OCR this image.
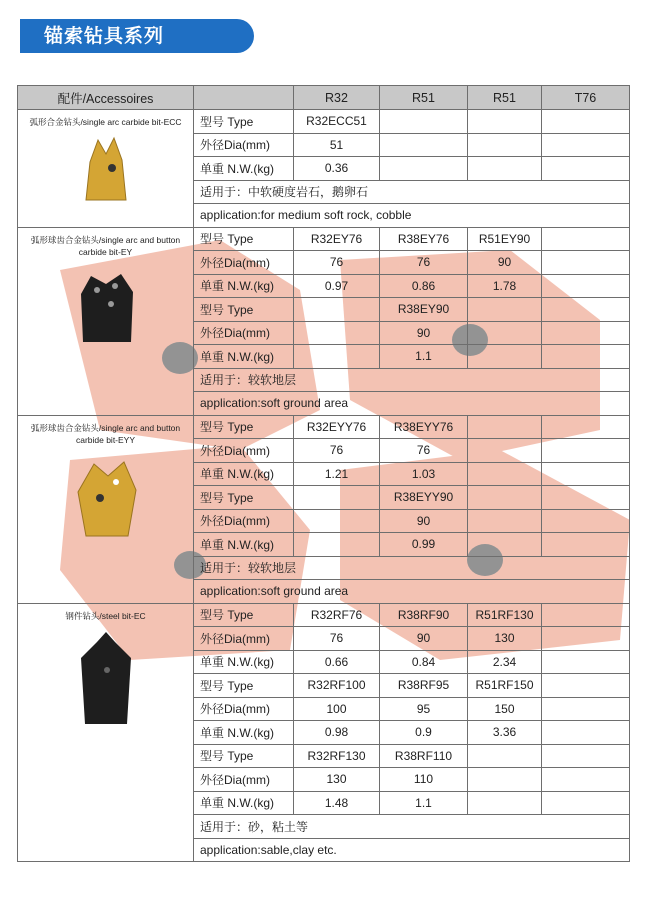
锚索钻具系列
配件/Accessoires		R32	R51	R51	T76

弧形合金钻头/single arc carbide bit-ECC	型号 Type	R32ECC51			
	外径Dia(mm)	51			
	单重 N.W.(kg)	0.36			
	适用于：中软硬度岩石，鹅卵石				
	application:for medium soft rock, cobble				

弧形球齿合金钻头/single arc and button carbide bit-EY	型号 Type	R32EY76	R38EY76	R51EY90	
	外径Dia(mm)	76	76	90	
	单重 N.W.(kg)	0.97	0.86	1.78	
	型号 Type		R38EY90		
	外径Dia(mm)		90		
	单重 N.W.(kg)		1.1		
	适用于：较软地层				
	application:soft ground area				

弧形球齿合金钻头/single arc and button carbide bit-EYY	型号 Type	R32EYY76	R38EYY76		
	外径Dia(mm)	76	76		
	单重 N.W.(kg)	1.21	1.03		
	型号 Type		R38EYY90		
	外径Dia(mm)		90		
	单重 N.W.(kg)		0.99		
	适用于：较软地层				
	application:soft ground area				

钢件钻头/steel bit-EC	型号 Type	R32RF76	R38RF90	R51RF130	
	外径Dia(mm)	76	90	130	
	单重 N.W.(kg)	0.66	0.84	2.34	
	型号 Type	R32RF100	R38RF95	R51RF150	
	外径Dia(mm)	100	95	150	
	单重 N.W.(kg)	0.98	0.9	3.36	
	型号 Type	R32RF130	R38RF110		
	外径Dia(mm)	130	110		
	单重 N.W.(kg)	1.48	1.1		
	适用于：砂，粘土等				
	application:sable,clay etc.				
